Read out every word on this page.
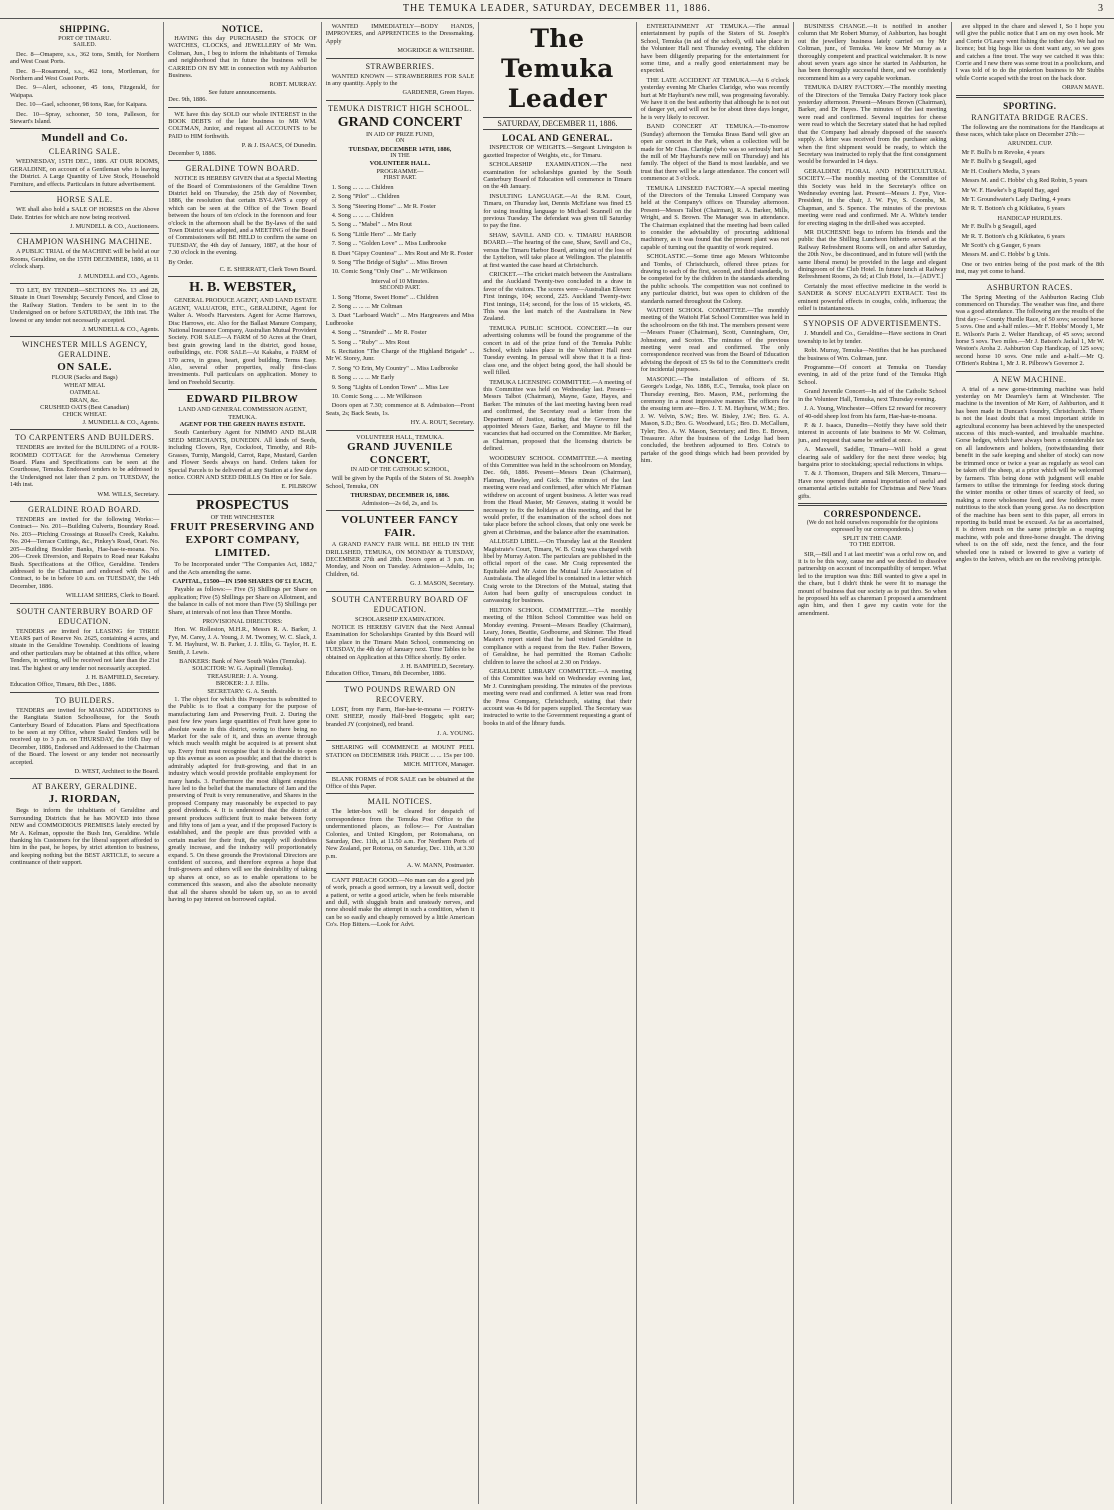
THE TEMUKA LEADER, SATURDAY, DECEMBER 11, 1886.	3
SHIPPING.
PORT OF TIMARU.
SAILED.
Dec. 8—Omapere, s.s., 362 tons, Smith, for Northern and West Coast Ports.
Dec. 8—Rosamond, s.s., 462 tons, Mortleman, for Northern and West Coast Ports.
Dec. 9—Alert, schooner, 45 tons, Fitzgerald, for Waipapa.
Dec. 10—Gael, schooner, 98 tons, Rae, for Kaipara.
Dec. 10—Spray, schooner, 50 tons, Palleson, for Stewart's Island.
Mundell and Co.
CLEARING SALE.
WEDNESDAY, 15TH DEC., 1886. AT OUR ROOMS, GERALDINE, on account of a Gentleman who is leaving the District. A Large Quantity of Live Stock, Household Furniture, and effects. Particulars in future advertisement.
HORSE SALE.
WE shall also hold a SALE OF HORSES on the Above Date. Entries for which are now being received.
J. MUNDELL & CO., Auctioneers.
CHAMPION WASHING MACHINE.
A PUBLIC TRIAL of the MACHINE will be held at our Rooms, Geraldine, on the 15TH DECEMBER, 1886, at 11 o'clock sharp.
J. MUNDELL and CO., Agents.
TO LET, BY TENDER—SECTIONS No. 13 and 28, Situate in Orari Township; Securely Fenced, and Close to the Railway Station. Tenders to be sent in to the Undersigned on or before SATURDAY, the 18th inst. The lowest or any tender not necessarily accepted.
J. MUNDELL & CO., Agents.
WINCHESTER MILLS AGENCY, GERALDINE.
ON SALE.
FLOUR (Sacks and Bags)
WHEAT MEAL
OATMEAL
BRAN, &c.
CRUSHED OATS (Best Canadian)
CHICK WHEAT.
J. MUNDELL & CO., Agents.
TO CARPENTERS AND BUILDERS.
TENDERS are invited for the BUILDING of a FOUR-ROOMED COTTAGE for the Arowhenua Cemetery Board. Plans and Specifications can be seen at the Courthouse, Temuka. Endorsed tenders to be addressed to the Undersigned not later than 2 p.m. on TUESDAY, the 14th inst.
WM. WILLS, Secretary.
GERALDINE ROAD BOARD.
TENDERS are invited for the following Works:— Contract— No. 201—Building Culverts, Boundary Road. No. 203—Pitching Crossings at Russell's Creek, Kakahu. No. 204—Terrace Cuttings, &c., Pinkey's Road, Orari. No. 205—Building Boulder Banks, Hae-hae-te-moana. No. 206—Creek Diversion, and Repairs to Road near Kakahu Bush. Specifications at the Office, Geraldine. Tenders addressed to the Chairman and endorsed with No. of Contract, to be in before 10 a.m. on TUESDAY, the 14th December, 1886.
WILLIAM SHIERS, Clerk to Board.
SOUTH CANTERBURY BOARD OF EDUCATION.
TENDERS are invited for LEASING for THREE YEARS part of Reserve No. 2625, containing 4 acres, and situate in the Geraldine Township. Conditions of leasing and other particulars may be obtained at this office, where Tenders, in writing, will be received not later than the 21st inst. The highest or any tender not necessarily accepted.
J. H. BAMFIELD, Secretary.
Education Office, Timaru, 8th Dec., 1886.
TO BUILDERS.
TENDERS are invited for MAKING ADDITIONS to the Rangitata Station Schoolhouse, for the South Canterbury Board of Education. Plans and Specifications to be seen at my Office, where Sealed Tenders will be received up to 3 p.m. on THURSDAY, the 16th Day of December, 1886, Endorsed and Addressed to the Chairman of the Board. The lowest or any tender not necessarily accepted.
D. WEST, Architect to the Board.
AT BAKERY, GERALDINE.
J. RIORDAN,
Begs to inform the inhabitants of Geraldine and Surrounding Districts that he has MOVED into those NEW and COMMODIOUS PREMISES lately erected by Mr A. Kelman, opposite the Bush Inn, Geraldine. While thanking his Customers for the liberal support afforded to him in the past, he hopes, by strict attention to business, and keeping nothing but the BEST ARTICLE, to secure a continuance of their support.
NOTICE.
HAVING this day PURCHASED the STOCK OF WATCHES, CLOCKS, and JEWELLERY of Mr Wm. Coltman, Jun., I beg to inform the inhabitants of Temuka and neighborhood that in future the business will be CARRIED ON BY ME in connection with my Ashburton Business.
ROBT. MURRAY.
See future announcements.
Dec. 9th, 1886.
WE have this day SOLD our whole INTEREST in the BOOK DEBTS of the late business to MR WM. COLTMAN, Junior, and request all ACCOUNTS to be PAID to HIM forthwith.
P. & J. ISAACS, Of Dunedin.
December 9, 1886.
GERALDINE TOWN BOARD.
NOTICE IS HEREBY GIVEN that at a Special Meeting of the Board of Commissioners of the Geraldine Town District held on Thursday, the 25th day of November, 1886, the resolution that certain BY-LAWS a copy of which can be seen at the Office of the Town Board between the hours of ten o'clock in the forenoon and four o'clock in the afternoon shall be the By-laws of the said Town District was adopted, and a MEETING of the Board of Commissioners will BE HELD to confirm the same on TUESDAY, the 4th day of January, 1887, at the hour of 7.30 o'clock in the evening.
By Order.
C. E. SHERRATT, Clerk Town Board.
H. B. WEBSTER,
GENERAL PRODUCE AGENT, AND LAND ESTATE AGENT, VALUATOR, ETC., GERALDINE, Agent for Walter A. Wood's Harvesters. Agent for Acme Harrows, Disc Harrows, etc. Also for the Ballast Manure Company, National Insurance Company, Australian Mutual Provident Society. FOR SALE—A FARM of 50 Acres at the Orari, best grain growing land in the district, good house, outbuildings, etc. FOR SALE—At Kakahu, a FARM of 170 acres, in grass, heart, good building. Terms Easy. Also, several other properties, really first-class investments. Full particulars on application. Money to lend on Freehold Security.
EDWARD PILBROW
LAND AND GENERAL COMMISSION AGENT, TEMUKA.
AGENT FOR THE GREEN HAYES ESTATE.
South Canterbury Agent for NIMMO AND BLAIR SEED MERCHANTS, DUNEDIN. All kinds of Seeds, including Clovers, Rye, Cocksfoot, Timothy, and Rib-Grasses, Turnip, Mangold, Carrot, Rape, Mustard, Garden and Flower Seeds always on hand. Orders taken for Special Parcels to be delivered at any Station at a few days notice. CORN AND SEED DRILLS On Hire or for Sale.
E. PILBROW
PROSPECTUS
OF THE WINCHESTER
FRUIT PRESERVING AND EXPORT COMPANY, LIMITED.
To be Incorporated under "The Companies Act, 1882," and the Acts amending the same.
CAPITAL, £1500—IN 1500 SHARES OF £1 EACH,
Payable as follows:— Five (5) Shillings per Share on application; Five (5) Shillings per Share on Allotment, and the balance in calls of not more than Five (5) Shillings per Share, at intervals of not less than Three Months.
PROVISIONAL DIRECTORS:
Hon. W. Rolleston, M.H.R., Messrs R. A. Barker, J. Fye, M. Carey, J. A. Young, J. M. Twomey, W. C. Slack, J. T. M. Hayhurst, W. B. Parker, J. J. Ellis, G. Taylor, H. E. Smith, J. Lewis.
BANKERS: Bank of New South Wales (Temuka).
SOLICITOR: W. G. Aspinall (Temuka).
TREASURER: J. A. Young.
BROKER: J. J. Ellis.
SECRETARY: G. A. Smith.
1. The object for which this Prospectus is submitted to the Public is to float a company for the purpose of manufacturing Jam and Preserving Fruit. 2. During the past few few years large quantities of Fruit have gone to absolute waste in this district, owing to there being no Market for the sale of it, and thus an avenue through which much wealth might be acquired is at present shut up. Every fruit must recognise that it is desirable to open up this avenue as soon as possible; and that the district is admirably adapted for fruit-growing, and that in an industry which would provide profitable employment for many hands. 3. Furthermore the most diligent enquiries have led to the belief that the manufacture of Jam and the preserving of Fruit is very remunerative, and Shares in the proposed Company may reasonably be expected to pay good dividends. 4. It is understood that the district at present produces sufficient fruit to make between forty and fifty tons of jam a year, and if the proposed Factory is established, and the people are thus provided with a certain market for their fruit, the supply will doubtless greatly increase, and the industry will proportionately expand. 5. On these grounds the Provisional Directors are confident of success, and therefore express a hope that fruit-growers and others will see the desirability of taking up shares at once, so as to enable operations to be commenced this season, and also the absolute necessity that all the shares should be taken up, so as to avoid having to pay interest on borrowed capital.
WANTED IMMEDIATELY—BODY HANDS, IMPROVERS, and APPRENTICES to the Dressmaking. Apply
MOGRIDGE & WILTSHIRE.
STRAWBERRIES.
WANTED KNOWN — STRAWBERRIES FOR SALE in any quantity. Apply to the
GARDENER, Green Hayes.
TEMUKA DISTRICT HIGH SCHOOL.
GRAND CONCERT
IN AID OF PRIZE FUND,
ON
TUESDAY, DECEMBER 14TH, 1886,
IN THE
VOLUNTEER HALL.
PROGRAMME—
FIRST PART.
1. Song ... ... ... Children
2. Song "Pilot" ... Children
3. Song "Steering Home" ... Mr R. Foster
4. Song ... ... ... Children
5. Song ... "Mabel" ... Mrs Rout
6. Song "Little Hero" ... Mr Early
7. Song ... "Golden Love" ... Miss Ludbrooke
8. Duet "Gipsy Countess" ... Mrs Rout and Mr R. Foster
9. Song "The Bridge of Sighs" ... Miss Brown
10. Comic Song "Only One" ... Mr Wilkinson
Interval of 10 Minutes.
SECOND PART.
1. Song "Home, Sweet Home" ... Children
2. Song ... ... ... Mr Coltman
3. Duet "Larboard Watch" ... Mrs Hargreaves and Miss Ludbrooke
4. Song ... "Stranded" ... Mr R. Foster
5. Song ... "Ruby" ... Mrs Rout
6. Recitation "The Charge of the Highland Brigade" ... Mr W. Storey, Junr.
7. Song "O Erin, My Country" ... Miss Ludbrooke
8. Song ... ... ... Mr Early
9. Song "Lights of London Town" ... Miss Lee
10. Comic Song ... ... Mr Wilkinson
Doors open at 7.30; commence at 8. Admission—Front Seats, 2s; Back Seats, 1s.
HY. A. ROUT, Secretary.
VOLUNTEER HALL, TEMUKA.
GRAND JUVENILE CONCERT,
IN AID OF THE CATHOLIC SCHOOL,
Will be given by the Pupils of the Sisters of St. Joseph's School, Temuka, ON
THURSDAY, DECEMBER 16, 1886.
Admission—2s 6d, 2s, and 1s.
VOLUNTEER FANCY FAIR.
A GRAND FANCY FAIR WILL BE HELD IN THE DRILLSHED, TEMUKA, ON MONDAY & TUESDAY, DECEMBER 27th and 28th. Doors open at 3 p.m. on Monday, and Noon on Tuesday. Admission—Adults, 1s; Children, 6d.
G. J. MASON, Secretary.
SOUTH CANTERBURY BOARD OF EDUCATION.
SCHOLARSHIP EXAMINATION.
NOTICE IS HEREBY GIVEN that the Next Annual Examination for Scholarships Granted by this Board will take place in the Timaru Main School, commencing on TUESDAY, the 4th day of January next. Time Tables to be obtained on Application at this Office shortly. By order.
J. H. BAMFIELD, Secretary.
Education Office, Timaru, 8th December, 1886.
TWO POUNDS REWARD ON RECOVERY.
LOST, from my Farm, Hae-hae-te-moana — FORTY-ONE SHEEP, mostly Half-bred Hoggets; split ear; branded JY (conjoined), red brand.
J. A. YOUNG.
SHEARING will COMMENCE at MOUNT PEEL STATION on DECEMBER 16th. PRICE ... ... 15s per 100.
MICH. MITTON, Manager.
BLANK FORMS of FOR SALE can be obtained at the Office of this Paper.
MAIL NOTICES.
The letter-box will be cleared for despatch of correspondence from the Temuka Post Office to the undermentioned places, as follow:— For Australian Colonies, and United Kingdom, per Rotomahana, on Saturday, Dec. 11th, at 11.50 a.m. For Northern Ports of New Zealand, per Rotorua, on Saturday, Dec. 11th, at 3.30 p.m.
A. W. MANN, Postmaster.
CAN'T PREACH GOOD.—No man can do a good job of work, preach a good sermon, try a lawsuit well, doctor a patient, or write a good article, when he feels miserable and dull, with sluggish brain and unsteady nerves, and none should make the attempt in such a condition, when it can be so easily and cheaply removed by a little American Co's. Hop Bitters.—Look for Advt.
The Temuka Leader
SATURDAY, DECEMBER 11, 1886.
LOCAL AND GENERAL.
INSPECTOR OF WEIGHTS.—Sergeant Livingston is gazetted Inspector of Weights, etc., for Timaru.
SCHOLARSHIP EXAMINATION.—The next examination for scholarships granted by the South Canterbury Board of Education will commence in Timaru on the 4th January.
INSULTING LANGUAGE.—At the R.M. Court, Timaru, on Thursday last, Dennis McErlane was fined £5 for using insulting language to Michael Scannell on the previous Tuesday. The defendant was given till Saturday to pay the fine.
SHAW, SAVILL AND CO. v. TIMARU HARBOR BOARD.—The hearing of the case, Shaw, Savill and Co., versus the Timaru Harbor Board, arising out of the loss of the Lyttelton, will take place at Wellington. The plaintiffs at first wanted the case heard at Christchurch.
CRICKET.—The cricket match between the Australians and the Auckland Twenty-two concluded in a draw in favor of the visitors. The scores were—Australian Eleven: First innings, 104; second, 225. Auckland Twenty-two: First innings, 114; second, for the loss of 15 wickets, 45. This was the last match of the Australians in New Zealand.
TEMUKA PUBLIC SCHOOL CONCERT.—In our advertising columns will be found the programme of the concert in aid of the prize fund of the Temuka Public School, which takes place in the Volunteer Hall next Tuesday evening. In perusal will show that it is a first-class one, and the object being good, the hall should be well filled.
TEMUKA LICENSING COMMITTEE.—A meeting of this Committee was held on Wednesday last. Present—Messrs Talbot (Chairman), Mayne, Gaze, Hayes, and Barker. The minutes of the last meeting having been read and confirmed, the Secretary read a letter from the Department of Justice, stating that the Governor had appointed Messrs Gaze, Barker, and Mayne to fill the vacancies that had occurred on the Committee. Mr Barker, as Chairman, proposed that the licensing districts be defined.
WOODBURY SCHOOL COMMITTEE.—A meeting of this Committee was held in the schoolroom on Monday, Dec. 6th, 1886. Present—Messrs Dean (Chairman), Flatman, Hawley, and Gick. The minutes of the last meeting were read and confirmed, after which Mr Flatman withdrew on account of urgent business. A letter was read from the Head Master, Mr Greaves, stating it would be necessary to fix the holidays at this meeting, and that he would prefer, if the examination of the school does not take place before the school closes, that only one week be given at Christmas, and the balance after the examination.
ALLEGED LIBEL.—On Thursday last at the Resident Magistrate's Court, Timaru, W. B. Craig was charged with libel by Murray Aston. The particulars are published in the official report of the case. Mr Craig represented the Equitable and Mr Aston the Mutual Life Association of Australasia. The alleged libel is contained in a letter which Craig wrote to the Directors of the Mutual, stating that Aston had been guilty of unscrupulous conduct in canvassing for business.
HILTON SCHOOL COMMITTEE.—The monthly meeting of the Hilton School Committee was held on Monday evening. Present—Messrs Bradley (Chairman), Leary, Jones, Beattie, Godbourne, and Skinner. The Head Master's report stated that he had visited Geraldine in compliance with a request from the Rev. Father Bowers, of Geraldine, he had permitted the Roman Catholic children to leave the school at 2.30 on Fridays.
GERALDINE LIBRARY COMMITTEE.—A meeting of this Committee was held on Wednesday evening last, Mr J. Cunningham presiding. The minutes of the previous meeting were read and confirmed. A letter was read from the Press Company, Christchurch, stating that their account was 4s 8d for papers supplied. The Secretary was instructed to write to the Government requesting a grant of books in aid of the library funds.
ENTERTAINMENT AT TEMUKA.—The annual entertainment by pupils of the Sisters of St. Joseph's School, Temuka (in aid of the school), will take place in the Volunteer Hall next Thursday evening. The children have been diligently preparing for the entertainment for some time, and a really good entertainment may be expected.
THE LATE ACCIDENT AT TEMUKA.—At 6 o'clock yesterday evening Mr Charles Claridge, who was recently hurt at Mr Hayhurst's new mill, was progressing favorably. We have it on the best authority that although he is not out of danger yet, and will not be for about three days longer, he is very likely to recover.
BAND CONCERT AT TEMUKA.—To-morrow (Sunday) afternoon the Temuka Brass Band will give an open air concert in the Park, when a collection will be made for Mr Chas. Claridge (who was so seriously hurt at the mill of Mr Hayhurst's new mill on Thursday) and his family. The object of the Band is most laudable, and we trust that there will be a large attendance. The concert will commence at 3 o'clock.
TEMUKA LINSEED FACTORY.—A special meeting of the Directors of the Temuka Linseed Company was held at the Company's offices on Thursday afternoon. Present—Messrs Talbot (Chairman), R. A. Barker, Mills, Wright, and S. Brown. The Manager was in attendance. The Chairman explained that the meeting had been called to consider the advisability of procuring additional machinery, as it was found that the present plant was not capable of turning out the quantity of work required.
SCHOLASTIC.—Some time ago Messrs Whitcombe and Tombs, of Christchurch, offered three prizes for drawing to each of the first, second, and third standards, to be competed for by the children in the standards attending the public schools. The competition was not confined to any particular district, but was open to children of the standards named throughout the Colony.
WAITOHI SCHOOL COMMITTEE.—The monthly meeting of the Waitohi Flat School Committee was held in the schoolroom on the 6th inst. The members present were—Messrs Fraser (Chairman), Scott, Cunningham, Orr, Johnstone, and Scoton. The minutes of the previous meeting were read and confirmed. The only correspondence received was from the Board of Education advising the deposit of £5 9s 6d to the Committee's credit for incidental purposes.
MASONIC.—The installation of officers of St. George's Lodge, No. 1886, E.C., Temuka, took place on Thursday evening, Bro. Mason, P.M., performing the ceremony in a most impressive manner. The officers for the ensuing term are—Bro. J. T. M. Hayhurst, W.M.; Bro. J. W. Velvin, S.W.; Bro. W. Bisley, J.W.; Bro. G. A. Mason, S.D.; Bro. G. Woodward, I.G.; Bro. D. McCallum, Tyler; Bro. A. W. Mason, Secretary; and Bro. E. Brown, Treasurer. After the business of the Lodge had been concluded, the brethren adjourned to Bro. Coira's to partake of the good things which had been provided by him.
BUSINESS CHANGE.—It is notified in another column that Mr Robert Murray, of Ashburton, has bought out the jewellery business lately carried on by Mr Coltman, junr., of Temuka. We know Mr Murray as a thoroughly competent and practical watchmaker. It is now about seven years ago since he started in Ashburton, he has been thoroughly successful there, and we confidently recommend him as a very capable workman.
TEMUKA DAIRY FACTORY.—The monthly meeting of the Directors of the Temuka Dairy Factory took place yesterday afternoon. Present—Messrs Brown (Chairman), Barker, and Dr Hayes. The minutes of the last meeting were read and confirmed. Several inquiries for cheese were read to which the Secretary stated that he had replied that the Company had already disposed of the season's supply. A letter was received from the purchaser asking when the first shipment would be ready, to which the Secretary was instructed to reply that the first consignment would be forwarded in 14 days.
GERALDINE FLORAL AND HORTICULTURAL SOCIETY.—The monthly meeting of the Committee of this Society was held in the Secretary's office on Wednesday evening last. Present—Messrs J. Fye, Vice-President, in the chair, J. W. Fye, S. Coombs, M. Chapman, and S. Spence. The minutes of the previous meeting were read and confirmed. Mr A. White's tender for erecting staging in the drill-shed was accepted.
MR DUCHESNE begs to inform his friends and the public that the Shilling Luncheon hitherto served at the Railway Refreshment Rooms will, on and after Saturday, the 20th Nov., be discontinued, and in future will (with the same liberal menu) be provided in the large and elegant diningroom of the Club Hotel. In future lunch at Railway Refreshment Rooms, 2s 6d; at Club Hotel, 1s.—[ADVT.]
Certainly the most effective medicine in the world is SANDER & SONS' EUCALYPTI EXTRACT. Test its eminent powerful effects in coughs, colds, influenza; the relief is instantaneous.
SYNOPSIS OF ADVERTISEMENTS.
J. Mundell and Co., Geraldine—Have sections in Orari township to let by tender.
Robt. Murray, Temuka—Notifies that he has purchased the business of Wm. Coltman, junr.
Programme—Of concert at Temuka on Tuesday evening, in aid of the prize fund of the Temuka High School.
Grand Juvenile Concert—In aid of the Catholic School in the Volunteer Hall, Temuka, next Thursday evening.
J. A. Young, Winchester—Offers £2 reward for recovery of 40-odd sheep lost from his farm, Hae-hae-te-moana.
P. & J. Isaacs, Dunedin—Notify they have sold their interest in accounts of late business to Mr W. Coltman, jun., and request that same be settled at once.
A. Maxwell, Saddler, Timaru—Will hold a great clearing sale of saddlery for the next three weeks; big bargains prior to stocktaking; special reductions in whips.
T. & J. Thomson, Drapers and Silk Mercers, Timaru—Have now opened their annual importation of useful and ornamental articles suitable for Christmas and New Years gifts.
CORRESPONDENCE.
(We do not hold ourselves responsible for the opinions expressed by our correspondents.)
SPLIT IN THE CAMP.
TO THE EDITOR.
SIR,—Bill and I at last meetin' was a orful row on, and it is to be this way, cause me and we decided to dissolve partnership on account of incompatibility of temper. What led to the irruption was this: Bill wanted to give a spel in the chare, but I didn't think he were fit to manage the mount of business that our society as to put thro. So when he proposed his self as chareman I proposed a amendment agin him, and then I gave my castin vote for the amendment.
ave slipped in the chare and slewed I, So I hope you will give the public notice that I am on my own hook. Mr and Corrie O'Leary went fishing the tother day. We had no licence; but big hogs like us dont want any, so we goes and catches a fine trout. The way we catched it was this: Corrie and I new there was some trout in a poolickum, and I was told of to do the pinkerton business to Mr Stubbs while Corrie scaped with the trout on the back door.
ORPAN MAYE.
SPORTING.
RANGITATA BRIDGE RACES.
The following are the nominations for the Handicaps at these races, which take place on December 27th:—
ARUNDEL CUP.
Mr F. Bull's b m Revoke, 4 years
Mr F. Bull's b g Seagull, aged
Mr H. Coulter's Media, 3 years
Messrs M. and C. Hobbs' ch g Red Robin, 5 years
Mr W. F. Hawke's b g Rapid Bay, aged
Mr T. Groundwater's Lady Darling, 4 years
Mr R. T. Botton's ch g Kikikatea, 6 years
HANDICAP HURDLES.
Mr F. Bull's b g Seagull, aged
Mr R. T. Botton's ch g Kikikatea, 6 years
Mr Scott's ch g Gauger, 6 years
Messrs M. and C. Hobbs' b g Unis.
One or two entries being of the post mark of the 8th inst, may yet come to hand.
ASHBURTON RACES.
The Spring Meeting of the Ashburton Racing Club commenced on Thursday. The weather was fine, and there was a good attendance. The following are the results of the first day:— County Hurdle Race, of 50 sovs; second horse 5 sovs. One and a-half miles.—Mr F. Hobbs' Moody 1, Mr E. Wilson's Paris 2. Welter Handicap, of 45 sovs; second horse 5 sovs. Two miles.—Mr J. Batson's Jackal 1, Mr W. Weston's Aroha 2. Ashburton Cup Handicap, of 125 sovs; second horse 10 sovs. One mile and a-half.—Mr Q. O'Brien's Rubina 1, Mr J. R. Pilbrow's Governor 2.
A NEW MACHINE.
A trial of a new gorse-trimming machine was held yesterday on Mr Dearnley's farm at Winchester. The machine is the invention of Mr Kerr, of Ashburton, and it has been made in Duncan's foundry, Christchurch. There is not the least doubt that a most important stride in agricultural economy has been achieved by the unexpected success of this much-wanted, and invaluable machine. Gorse hedges, which have always been a considerable tax on all landowners and holders, (notwithstanding their benefit in the safe keeping and shelter of stock) can now be trimmed once or twice a year as regularly as wool can be taken off the sheep, at a price which will be welcomed by farmers. This being done with judgment will enable farmers to utilise the trimmings for feeding stock during the winter months or other times of scarcity of feed, so making a more wholesome feed, and few fodders more nutritious to the stock than young gorse. As no description of the machine has been sent to this paper, all errors in reporting its build must be excused. As far as ascertained, it is driven much on the same principle as a reaping machine, with pole and three-horse draught. The driving wheel is on the off side, next the fence, and the four wheeled one is raised or lowered to give a variety of angles to the knives, which are on the revolving principle.
